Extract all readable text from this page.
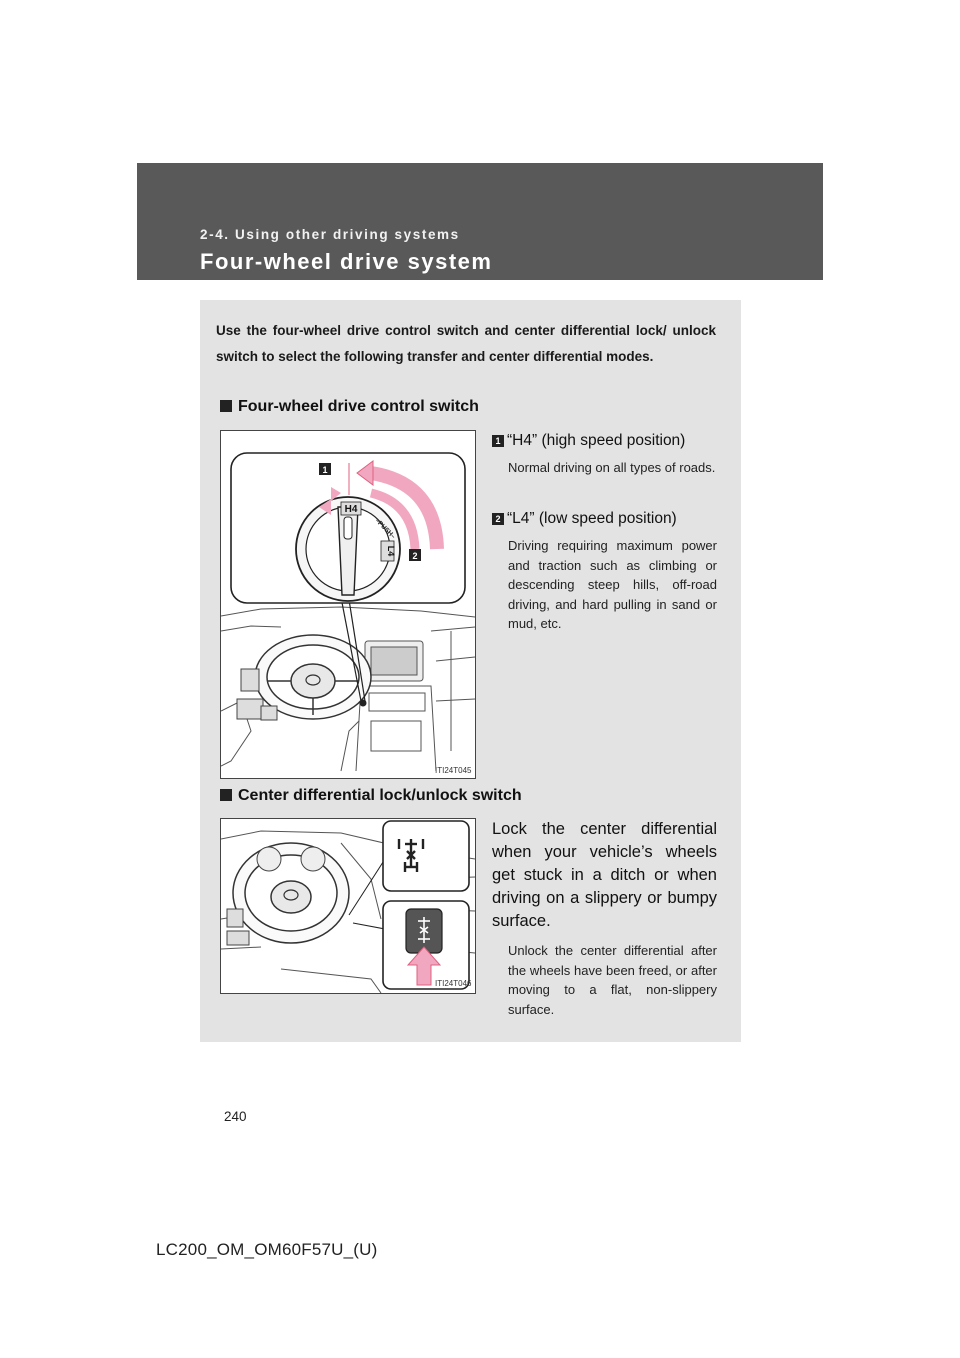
2-4. Using other driving systems
Four-wheel drive system
Use the four-wheel drive control switch and center differential lock/ unlock switch to select the following transfer and center differential modes.
Four-wheel drive control switch
H4
L4
–PUSH–
1
2
ITI24T045
1 “H4” (high speed position)
Normal driving on all types of roads.
2 “L4” (low speed position)
Driving requiring maximum power and traction such as climbing or descending steep hills, off-road driving, and hard pulling in sand or mud, etc.
Center differential lock/unlock switch
ITI24T046
Lock the center differential when your vehicle’s wheels get stuck in a ditch or when driving on a slippery or bumpy surface.
Unlock the center differential after the wheels have been freed, or after moving to a flat, non-slippery surface.
240
LC200_OM_OM60F57U_(U)
